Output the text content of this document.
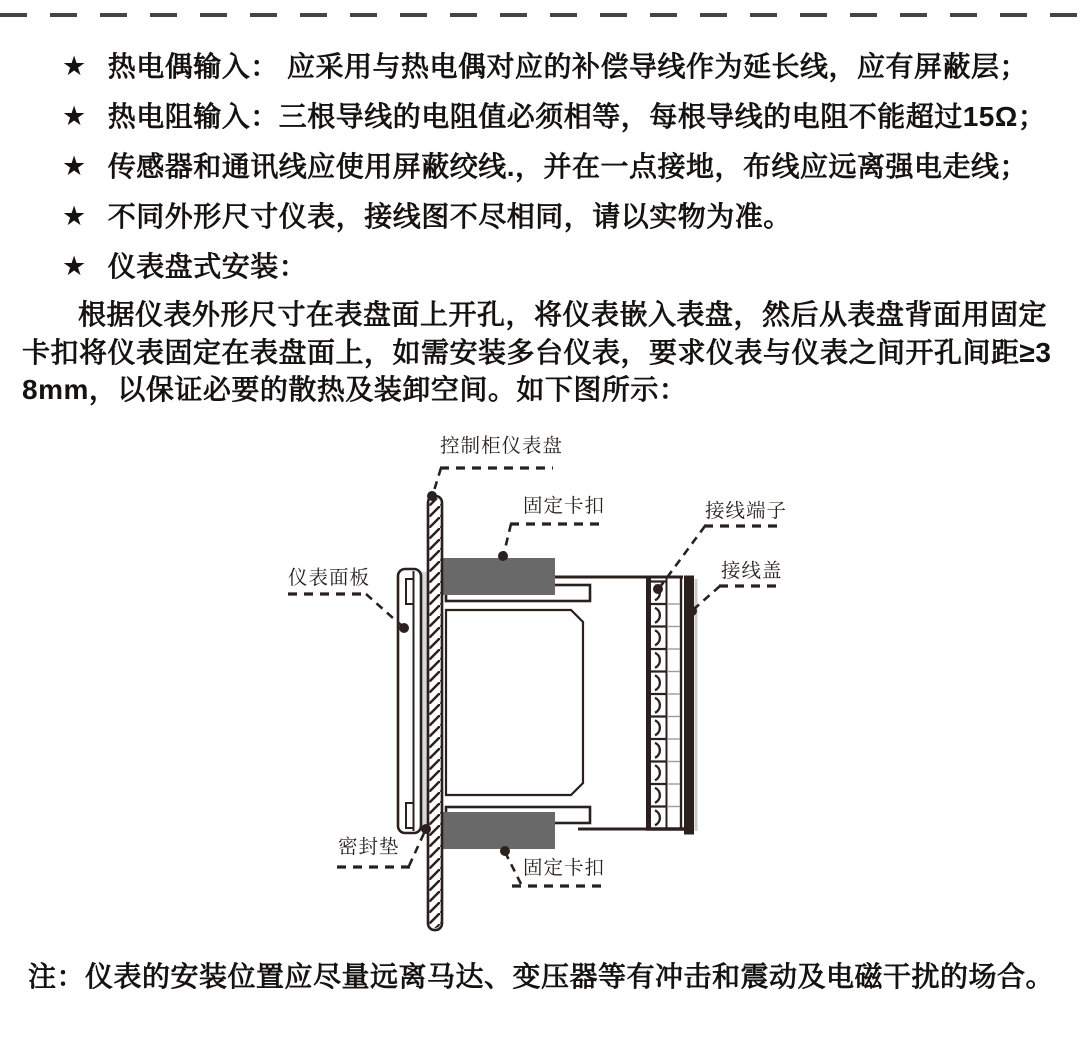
★ 热电偶输入： 应采用与热电偶对应的补偿导线作为延长线，应有屏蔽层；
★ 热电阻输入：三根导线的电阻值必须相等，每根导线的电阻不能超过15Ω；
★ 传感器和通讯线应使用屏蔽绞线.，并在一点接地，布线应远离强电走线；
★ 不同外形尺寸仪表，接线图不尽相同，请以实物为准。
★ 仪表盘式安装：

根据仪表外形尺寸在表盘面上开孔，将仪表嵌入表盘，然后从表盘背面用固定卡扣将仪表固定在表盘面上，如需安装多台仪表，要求仪表与仪表之间开孔间距≥38mm，以保证必要的散热及装卸空间。如下图所示：

控制柜仪表盘
固定卡扣	接线端子
接线盖
仪表面板
密封垫
固定卡扣

注：仪表的安装位置应尽量远离马达、变压器等有冲击和震动及电磁干扰的场合。
